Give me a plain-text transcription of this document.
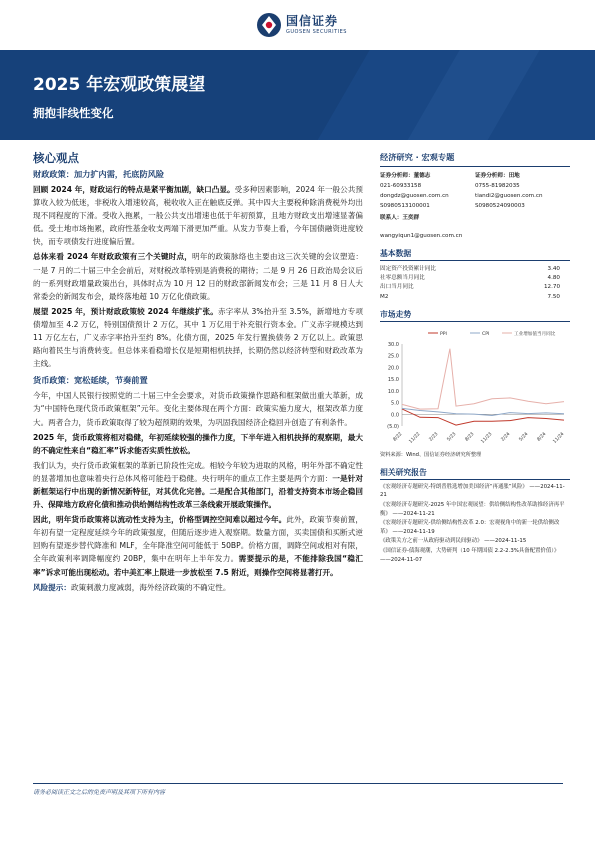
国信证券
GUOSEN SECURITIES
2025 年宏观政策展望
拥抱非线性变化
核心观点
财政政策：加力扩内需，托底防风险

回顾 2024 年，财政运行的特点是紧平衡加剧，缺口凸显。受多种因素影响，2024 年一般公共预算收入较为低迷，非税收入增速较高，税收收入正在触底反弹。其中四大主要税种除消费税外均出现不同程度的下滑。受收入拖累，一般公共支出增速也低于年初预算，且地方财政支出增速显著偏低。受土地市场拖累，政府性基金收支两端下滑更加严重。从发力节奏上看，今年国债融资进度较快，而专项债发行进度偏后置。

总体来看 2024 年财政政策有三个关键时点，明年的政策脉络也主要由这三次关键的会议塑造：一是 7 月的二十届三中全会前后，对财税改革特别是消费税的期待；二是 9 月 26 日政治局会议后的一系列财政增量政策出台，具体时点为 10 月 12 日的财政部新闻发布会；三是 11 月 8 日人大常委会的新闻发布会，最终落地超 10 万亿化债政策。

展望 2025 年，预计财政政策较 2024 年继续扩张。赤字率从 3%抬升至 3.5%，新增地方专项债增加至 4.2 万亿，特别国债预计 2 万亿，其中 1 万亿用于补充银行资本金。广义赤字规模达到 11 万亿左右，广义赤字率抬升至约 8%。化债方面，2025 年发行置换债务 2 万亿以上。政策思路向着民生与消费转变。但总体来看稳增长仅是短期相机抉择，长期仍然以经济转型和财政改革为主线。

货币政策：宽松延续，节奏前置

今年，中国人民银行按照党的二十届三中全会要求，对货币政策操作思路和框架做出重大革新，成为“中国特色现代货币政策框架”元年。变化主要体现在两个方面：政策实施力度大，框架改革力度大。两者合力，货币政策取得了较为超预期的效果，为巩固我国经济企稳回升创造了有利条件。

2025 年，货币政策将相对稳健，年初延续较强的操作力度，下半年进入相机抉择的观察期，最大的不确定性来自“稳汇率”诉求能否实质性放松。

我们认为，央行货币政策框架的革新已阶段性完成。相较今年较为进取的风格，明年外部不确定性的显著增加也意味着央行总体风格可能趋于稳健。央行明年的重点工作主要是两个方面：一是针对新框架运行中出现的新情况新特征，对其优化完善。二是配合其他部门，沿着支持资本市场企稳回升、保障地方政府化债和推动供给侧结构性改革三条线索开展政策操作。

因此，明年货币政策将以流动性支持为主，价格型调控空间难以超过今年。此外，政策节奏前置，年初有望一定程度延续今年的政策强度，但随后逐步进入观察期。数量方面，买卖国债和买断式逆回购有望逐步替代降准和 MLF，全年降准空间可能低于 50BP。价格方面，调降空间或相对有限，全年政策利率调降幅度约 20BP，集中在明年上半年发力。需要提示的是，不能排除我国“稳汇率”诉求可能出现松动。若中美汇率上限进一步放松至 7.5 附近，则操作空间将显著打开。

风险提示：政策刺激力度减弱，海外经济政策的不确定性。

经济研究 · 宏观专题
证券分析师：董德志
021-60933158
dongdz@guosen.com.cn
S0980513100001
证券分析师：田地
0755-81982035
tiandi2@guosen.com.cn
S0980524090003
联系人：王奕群
wangyiqun1@guosen.com.cn
基本数据
固定资产投资累计同比	3.40
社零总额当月同比	4.80
出口当月同比	12.70
M2	7.50
市场走势
(5.0)
0.0
5.0
10.0
15.0
20.0
25.0
30.0
8/22 11/22 2/23 5/23 8/23 11/23 2/24 5/24 8/24 11/24
PPI	CPI	工业增加值当月同比
资料来源：Wind、国信证券经济研究所整理
相关研究报告
《宏观经济专题研究-特朗普胜选增加美国经济“再通胀”风险》 ——2024-11-21
《宏观经济专题研究-2025 年中国宏观展望：供给侧结构性改革助推经济再平衡》 ——2024-11-21
《宏观经济专题研究-供给侧结构性改革 2.0：宏观视角中的新一轮供给侧改革》 ——2024-11-19
《政策关方之前一从政府驱动到民间驱动》 ——2024-11-15
《国信证券-债海观潮，大势研判（10 年期国债 2.2-2.3%具备配置价值）》 ——2024-11-07
请务必阅读正文之后的免责声明及其项下所有内容
